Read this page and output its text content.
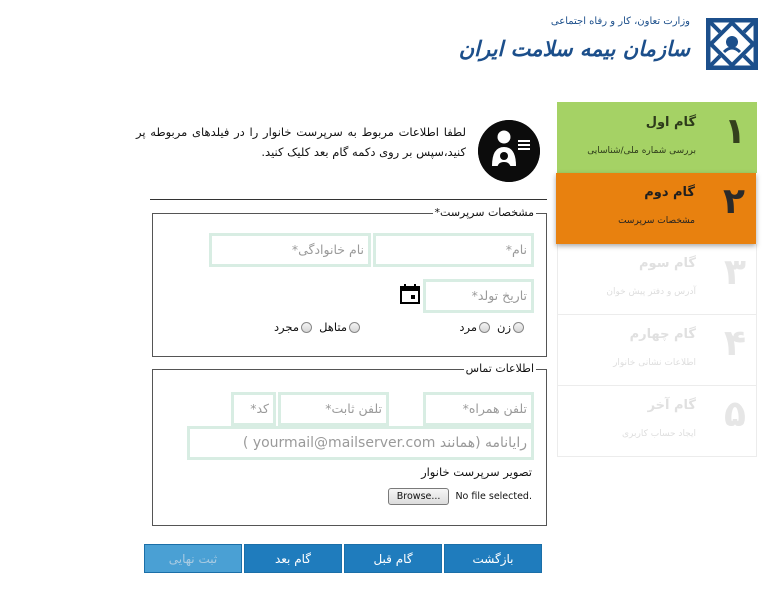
وزارت تعاون، کار و رفاه اجتماعی
سازمان بیمه سلامت ایران
۱
گام اول
بررسی شماره ملی/شناسایی
۲
گام دوم
مشخصات سرپرست
۳
گام سوم
آدرس و دفتر پیش خوان
۴
گام چهارم
اطلاعات نشانی خانوار
۵
گام آخر
ایجاد حساب کاربری
لطفا اطلاعات مربوط به سرپرست خانوار را در فیلدهای مربوطه پر کنید،سپس بر روی دکمه گام بعد کلیک کنید.
مشخصات سرپرست*
نام*
نام خانوادگی*
تاریخ تولد*
زن
مرد
متاهل
مجرد
اطلاعات تماس
تلفن همراه*
تلفن ثابت*
کد*
رایانامه (همانند yourmail@mailserver.com )
تصویر سرپرست خانوار
Browse...	No file selected.
بازگشت
گام قبل
گام بعد
ثبت نهایی
